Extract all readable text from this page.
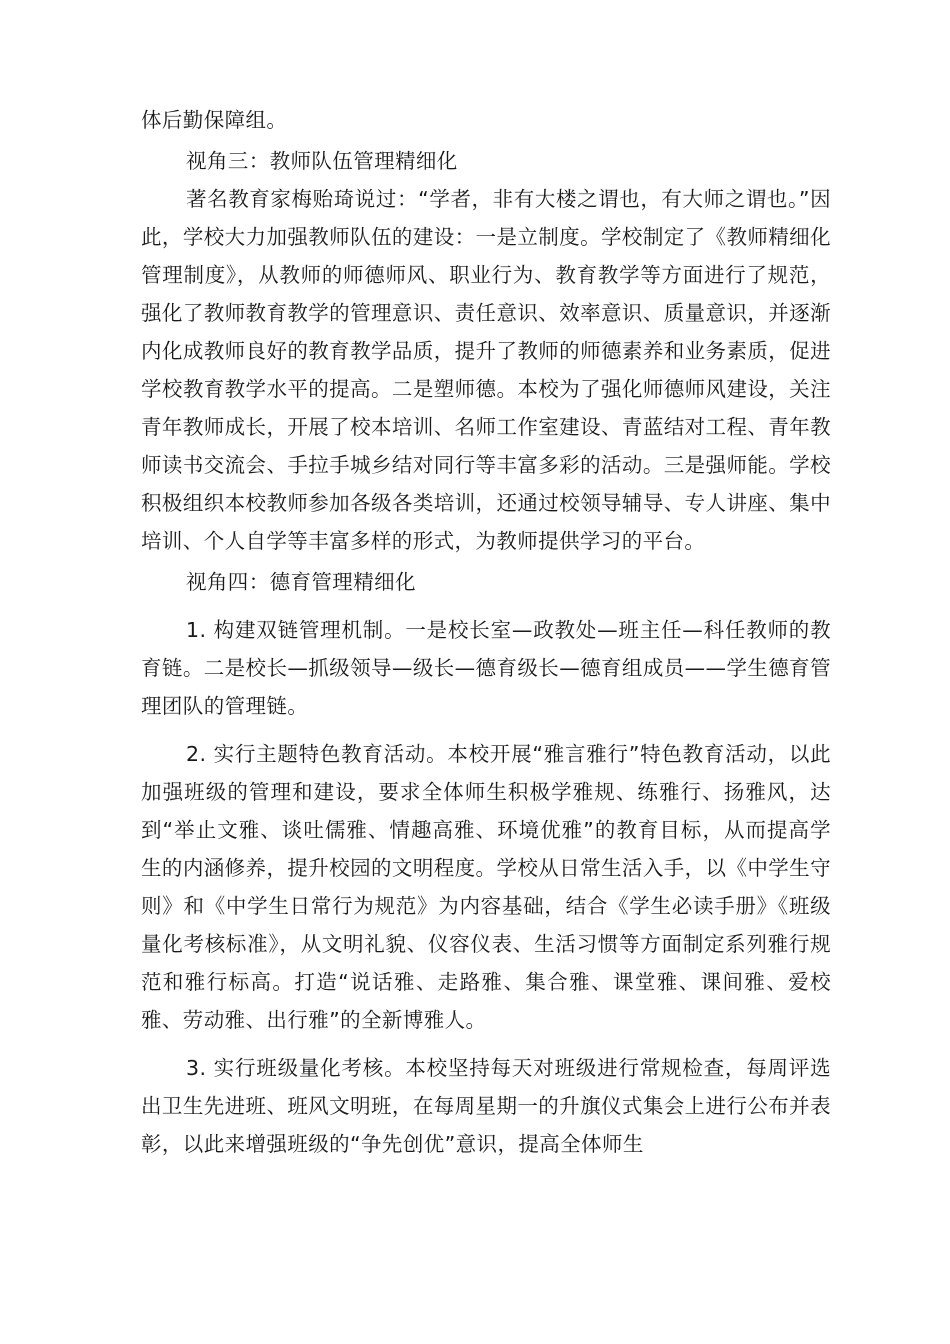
体后勤保障组。

视角三：教师队伍管理精细化

著名教育家梅贻琦说过：“学者，非有大楼之谓也，有大师之谓也。”因此，学校大力加强教师队伍的建设：一是立制度。学校制定了《教师精细化管理制度》，从教师的师德师风、职业行为、教育教学等方面进行了规范，强化了教师教育教学的管理意识、责任意识、效率意识、质量意识，并逐渐内化成教师良好的教育教学品质，提升了教师的师德素养和业务素质，促进学校教育教学水平的提高。二是塑师德。本校为了强化师德师风建设，关注青年教师成长，开展了校本培训、名师工作室建设、青蓝结对工程、青年教师读书交流会、手拉手城乡结对同行等丰富多彩的活动。三是强师能。学校积极组织本校教师参加各级各类培训，还通过校领导辅导、专人讲座、集中培训、个人自学等丰富多样的形式，为教师提供学习的平台。

视角四：德育管理精细化

1. 构建双链管理机制。一是校长室—政教处—班主任—科任教师的教育链。二是校长—抓级领导—级长—德育级长—德育组成员——学生德育管理团队的管理链。

2. 实行主题特色教育活动。本校开展“雅言雅行”特色教育活动，以此加强班级的管理和建设，要求全体师生积极学雅规、练雅行、扬雅风，达到“举止文雅、谈吐儒雅、情趣高雅、环境优雅”的教育目标，从而提高学生的内涵修养，提升校园的文明程度。学校从日常生活入手，以《中学生守则》和《中学生日常行为规范》为内容基础，结合《学生必读手册》《班级量化考核标准》，从文明礼貌、仪容仪表、生活习惯等方面制定系列雅行规范和雅行标高。打造“说话雅、走路雅、集合雅、课堂雅、课间雅、爱校雅、劳动雅、出行雅”的全新博雅人。

3. 实行班级量化考核。本校坚持每天对班级进行常规检查，每周评选出卫生先进班、班风文明班，在每周星期一的升旗仪式集会上进行公布并表彰，以此来增强班级的“争先创优”意识，提高全体师生
